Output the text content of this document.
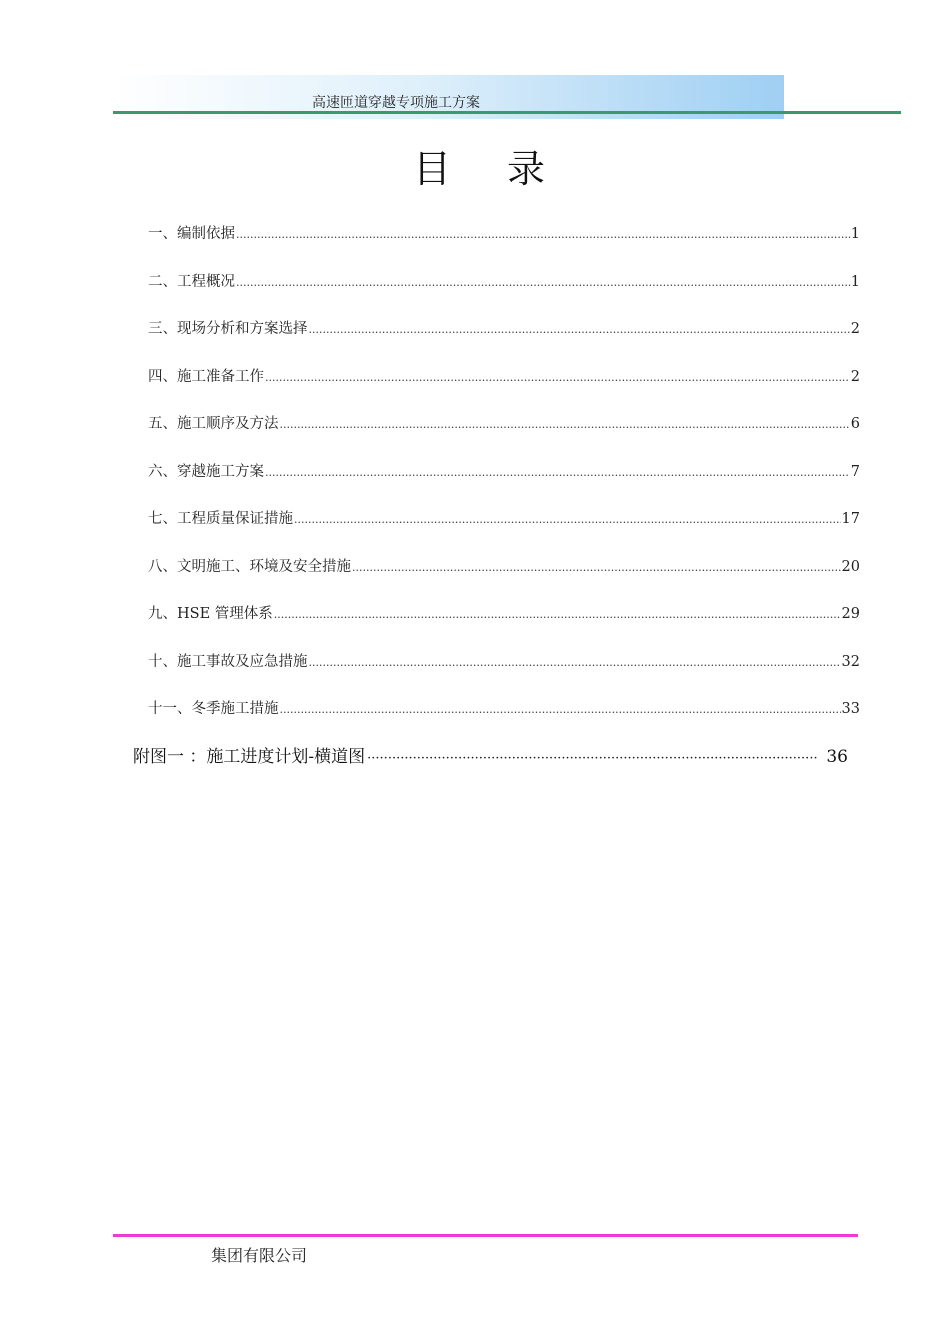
高速匝道穿越专项施工方案
目 录
一、编制依据 .....	1
二、工程概况 .....	1
三、现场分析和方案选择 .....	2
四、施工准备工作 .....	2
五、施工顺序及方法 .....	6
六、穿越施工方案 .....	7
七、工程质量保证措施 .....	17
八、文明施工、环境及安全措施 .....	20
九、HSE 管理体系 .....	29
十、施工事故及应急措施 .....	32
十一、冬季施工措施 .....	33
附图一 ：施工进度计划-横道图 ·····	36
集团有限公司
